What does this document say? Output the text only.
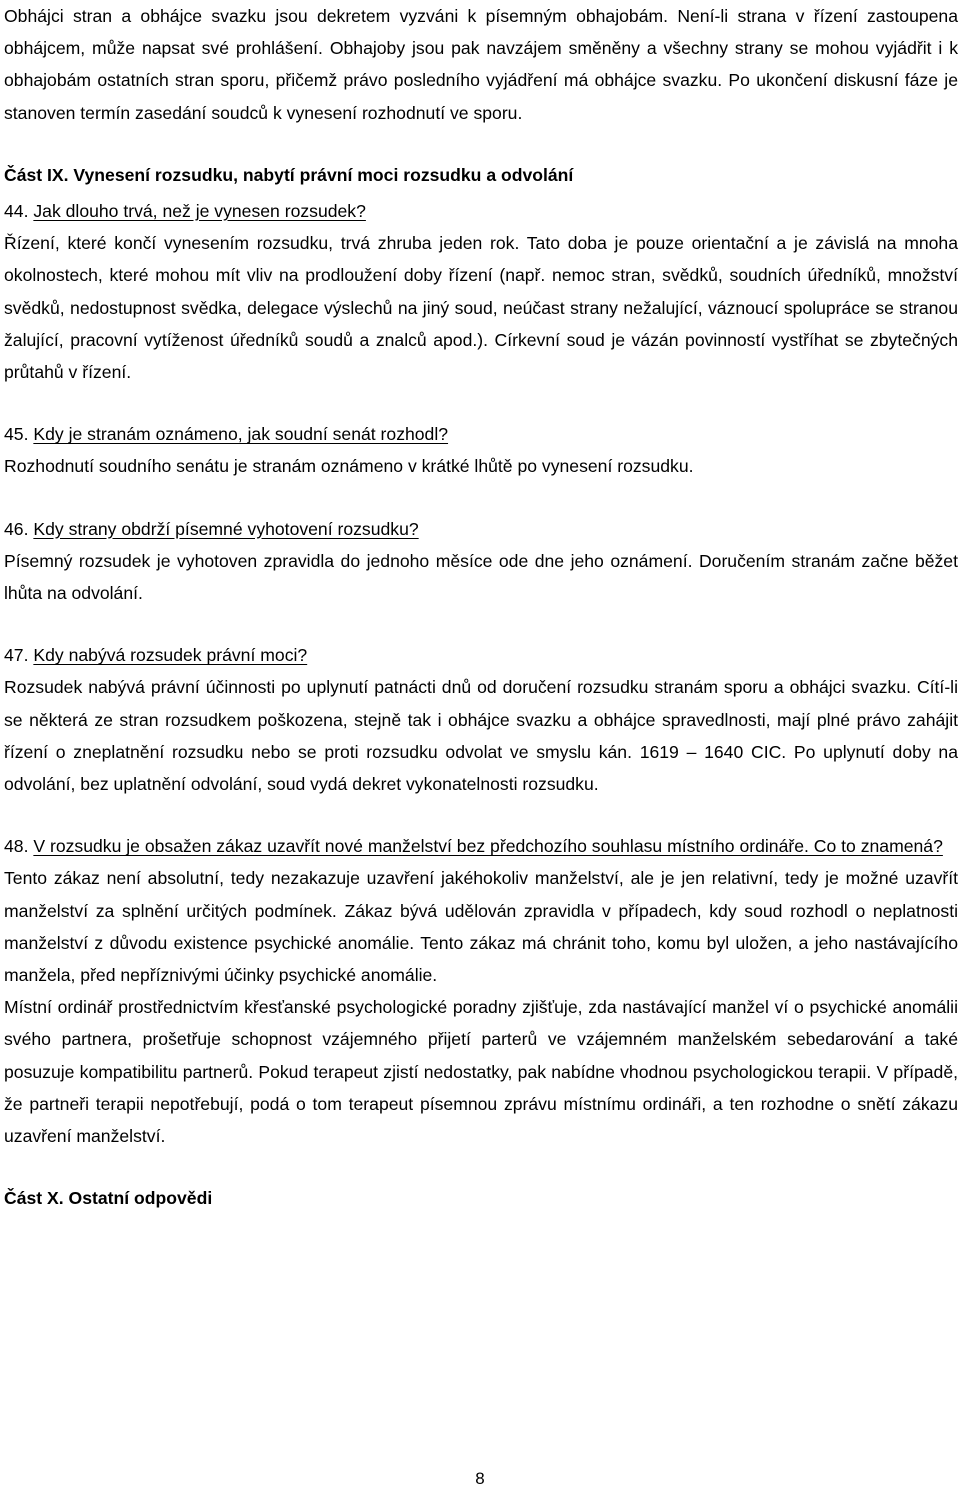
Obhájci stran a obhájce svazku jsou dekretem vyzváni k písemným obhajobám. Není-li strana v řízení zastoupena obhájcem, může napsat své prohlášení. Obhajoby jsou pak navzájem směněny a všechny strany se mohou vyjádřit i k obhajobám ostatních stran sporu, přičemž právo posledního vyjádření má obhájce svazku. Po ukončení diskusní fáze je stanoven termín zasedání soudců k vynesení rozhodnutí ve sporu.

Část IX. Vynesení rozsudku, nabytí právní moci rozsudku a odvolání

44. Jak dlouho trvá, než je vynesen rozsudek?

Řízení, které končí vynesením rozsudku, trvá zhruba jeden rok. Tato doba je pouze orientační a je závislá na mnoha okolnostech, které mohou mít vliv na prodloužení doby řízení (např. nemoc stran, svědků, soudních úředníků, množství svědků, nedostupnost svědka, delegace výslechů na jiný soud, neúčast strany nežalující, váznoucí spolupráce se stranou žalující, pracovní vytíženost úředníků soudů a znalců apod.). Církevní soud je vázán povinností vystříhat se zbytečných průtahů v řízení.

45. Kdy je stranám oznámeno, jak soudní senát rozhodl?

Rozhodnutí soudního senátu je stranám oznámeno v krátké lhůtě po vynesení rozsudku.

46. Kdy strany obdrží písemné vyhotovení rozsudku?

Písemný rozsudek je vyhotoven zpravidla do jednoho měsíce ode dne jeho oznámení. Doručením stranám začne běžet lhůta na odvolání.

47. Kdy nabývá rozsudek právní moci?

Rozsudek nabývá právní účinnosti po uplynutí patnácti dnů od doručení rozsudku stranám sporu a obhájci svazku. Cítí-li se některá ze stran rozsudkem poškozena, stejně tak i obhájce svazku a obhájce spravedlnosti, mají plné právo zahájit řízení o zneplatnění rozsudku nebo se proti rozsudku odvolat ve smyslu kán. 1619 – 1640 CIC. Po uplynutí doby na odvolání, bez uplatnění odvolání, soud vydá dekret vykonatelnosti rozsudku.

48. V rozsudku je obsažen zákaz uzavřít nové manželství bez předchozího souhlasu místního ordináře. Co to znamená?

Tento zákaz není absolutní, tedy nezakazuje uzavření jakéhokoliv manželství, ale je jen relativní, tedy je možné uzavřít manželství za splnění určitých podmínek. Zákaz bývá udělován zpravidla v případech, kdy soud rozhodl o neplatnosti manželství z důvodu existence psychické anomálie. Tento zákaz má chránit toho, komu byl uložen, a jeho nastávajícího manžela, před nepříznivými účinky psychické anomálie.

Místní ordinář prostřednictvím křesťanské psychologické poradny zjišťuje, zda nastávající manžel ví o psychické anomálii svého partnera, prošetřuje schopnost vzájemného přijetí parterů ve vzájemném manželském sebedarování a také posuzuje kompatibilitu partnerů. Pokud terapeut zjistí nedostatky, pak nabídne vhodnou psychologickou terapii. V případě, že partneři terapii nepotřebují, podá o tom terapeut písemnou zprávu místnímu ordináři, a ten rozhodne o snětí zákazu uzavření manželství.

Část X. Ostatní odpovědi

8
